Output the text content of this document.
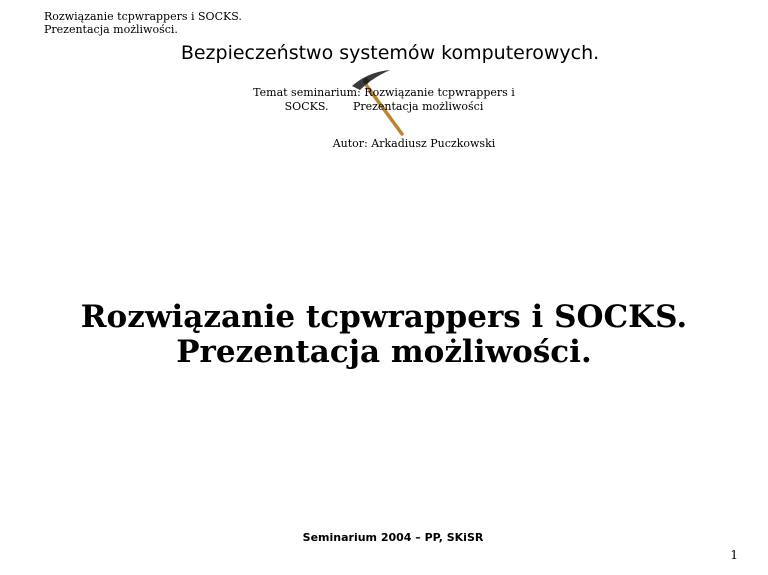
Rozwiązanie tcpwrappers i SOCKS.
Prezentacja możliwości.
Bezpieczeństwo systemów komputerowych.
Temat seminarium: Rozwiązanie tcpwrappers i
SOCKS.       Prezentacja możliwości
Autor: Arkadiusz Puczkowski
Rozwiązanie tcpwrappers i SOCKS.
Prezentacja możliwości.
Seminarium 2004 – PP, SKiSR
1
